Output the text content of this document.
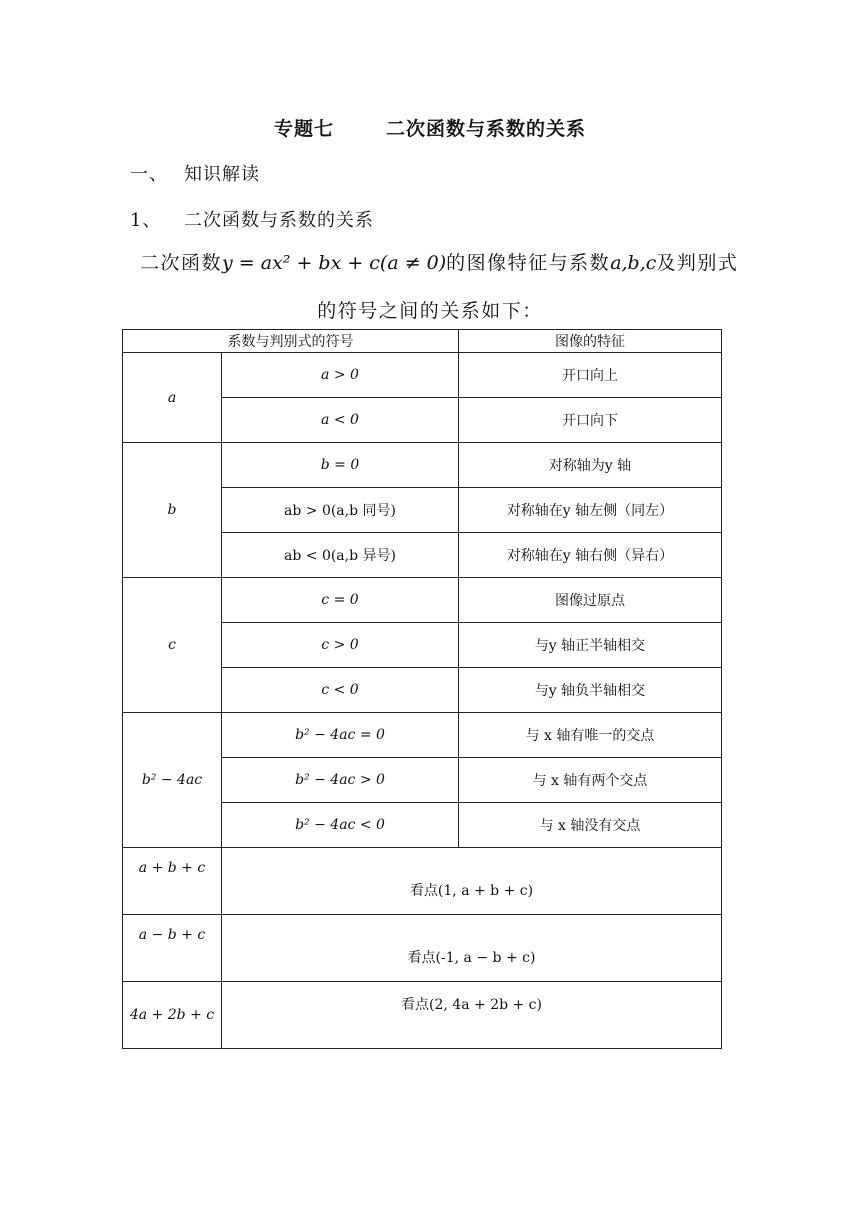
专题七	二次函数与系数的关系
一、 知识解读
1、 二次函数与系数的关系
二次函数y = ax² + bx + c(a ≠ 0)的图像特征与系数a,b,c及判别式
的符号之间的关系如下：
系数与判别式的符号		图像的特征
a	a > 0	开口向上
	a < 0	开口向下
b	b = 0	对称轴为y 轴
	ab > 0(a,b 同号)	对称轴在y 轴左侧（同左）
	ab < 0(a,b 异号)	对称轴在y 轴右侧（异右）
c	c = 0	图像过原点
	c > 0	与y 轴正半轴相交
	c < 0	与y 轴负半轴相交
b² − 4ac	b² − 4ac = 0	与 x 轴有唯一的交点
	b² − 4ac > 0	与 x 轴有两个交点
	b² − 4ac < 0	与 x 轴没有交点
a + b + c	看点(1, a + b + c)	
a − b + c	看点(-1, a − b + c)	
4a + 2b + c	看点(2, 4a + 2b + c)	
